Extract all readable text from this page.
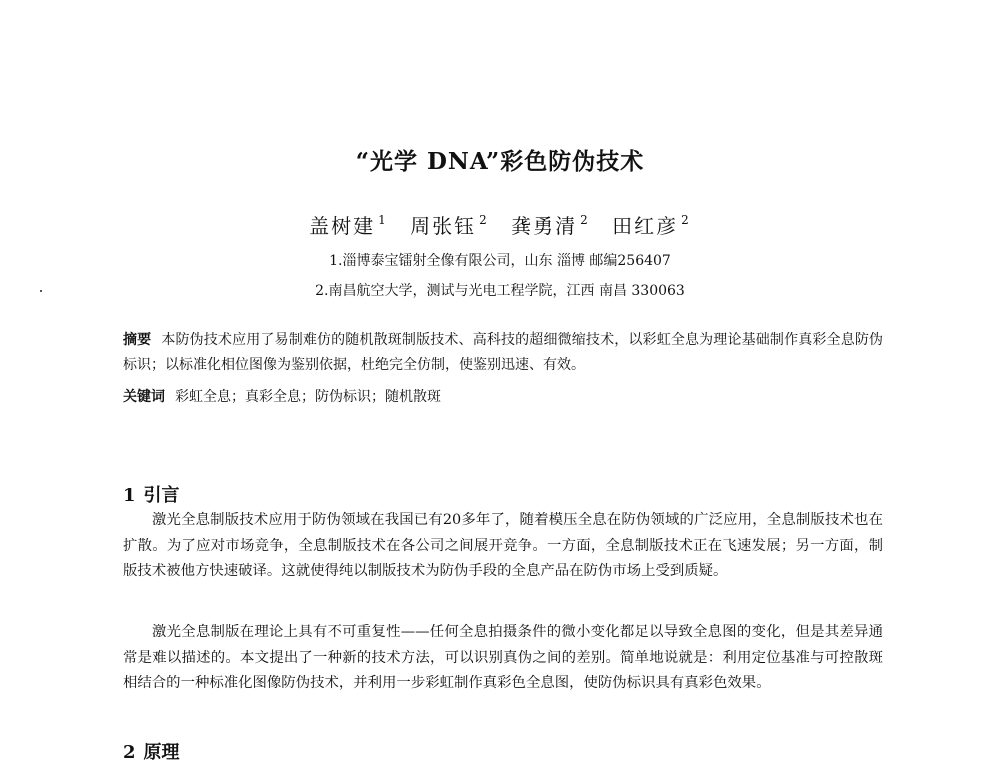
“光学 DNA”彩色防伪技术
盖树建 $^1$ 周张钰 $^2$ 龚勇清 $^2$ 田红彦 $^2$
1.淄博泰宝镭射全像有限公司，山东 淄博 邮编256407
2.南昌航空大学，测试与光电工程学院，江西 南昌 330063
摘要 本防伪技术应用了易制难仿的随机散斑制版技术、高科技的超细微缩技术，以彩虹全息为理论基础制作真彩全息防伪标识；以标准化相位图像为鉴别依据，杜绝完全仿制，使鉴别迅速、有效。
关键词 彩虹全息；真彩全息；防伪标识；随机散斑
1 引言

激光全息制版技术应用于防伪领域在我国已有20多年了，随着模压全息在防伪领域的广泛应用，全息制版技术也在扩散。为了应对市场竞争，全息制版技术在各公司之间展开竞争。一方面，全息制版技术正在飞速发展；另一方面，制版技术被他方快速破译。这就使得纯以制版技术为防伪手段的全息产品在防伪市场上受到质疑。

激光全息制版在理论上具有不可重复性——任何全息拍摄条件的微小变化都足以导致全息图的变化，但是其差异通常是难以描述的。本文提出了一种新的技术方法，可以识别真伪之间的差别。简单地说就是：利用定位基准与可控散斑相结合的一种标准化图像防伪技术，并利用一步彩虹制作真彩色全息图，使防伪标识具有真彩色效果。

2 原理
